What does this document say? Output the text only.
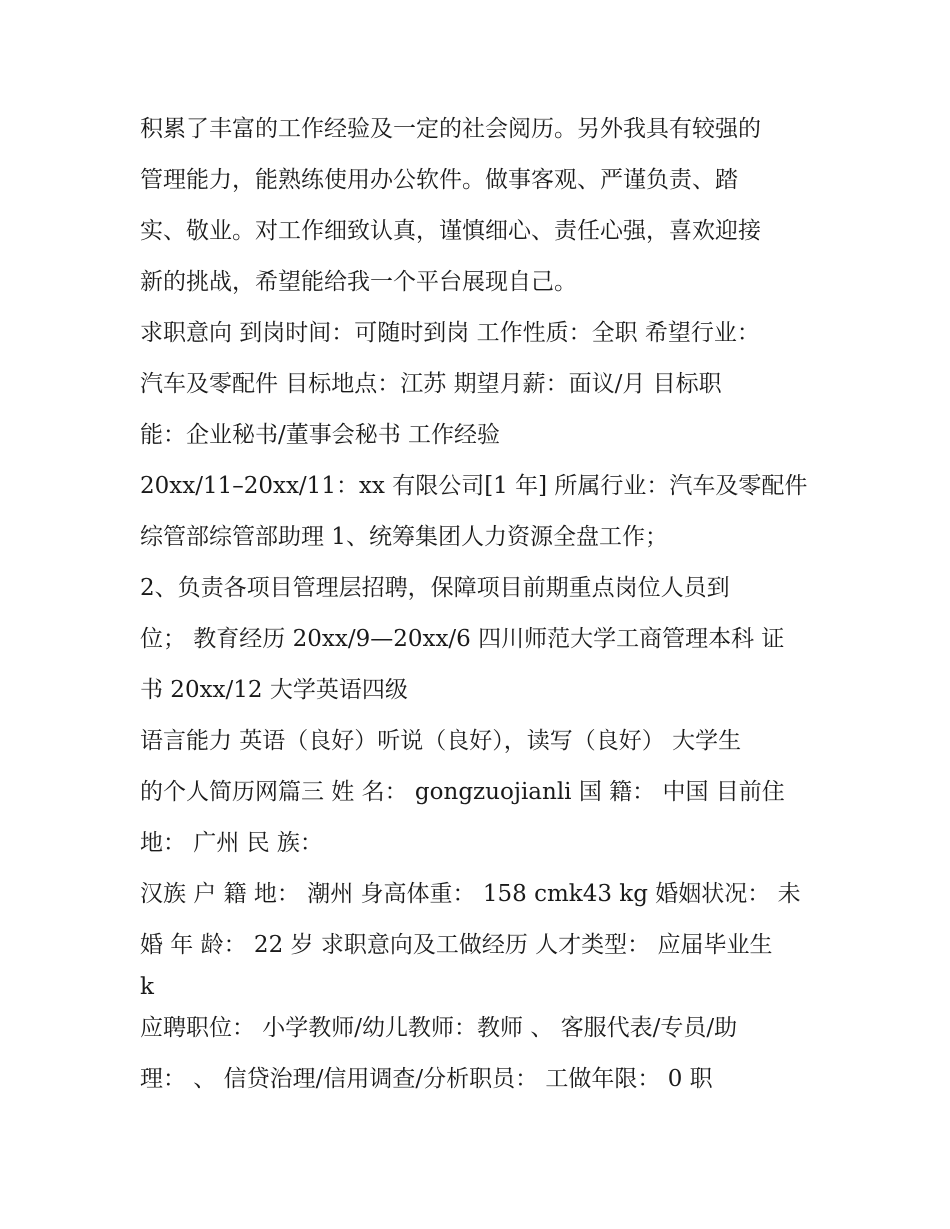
积累了丰富的工作经验及一定的社会阅历。另外我具有较强的
管理能力，能熟练使用办公软件。做事客观、严谨负责、踏
实、敬业。对工作细致认真，谨慎细心、责任心强，喜欢迎接
新的挑战，希望能给我一个平台展现自己。
求职意向 到岗时间：可随时到岗 工作性质：全职 希望行业：
汽车及零配件 目标地点：江苏 期望月薪：面议/月 目标职
能：企业秘书/董事会秘书 工作经验
20xx/11–20xx/11：xx 有限公司[1 年] 所属行业：汽车及零配件
综管部综管部助理 1、统筹集团人力资源全盘工作；
2、负责各项目管理层招聘，保障项目前期重点岗位人员到
位； 教育经历 20xx/9—20xx/6 四川师范大学工商管理本科 证
书 20xx/12 大学英语四级
语言能力 英语（良好）听说（良好），读写（良好） 大学生
的个人简历网篇三 姓 名： gongzuojianli 国 籍： 中国 目前住
地： 广州 民 族：
汉族 户 籍 地： 潮州 身高体重： 158 cmk43 kg 婚姻状况： 未
婚 年 龄： 22 岁 求职意向及工做经历 人才类型： 应届毕业生
k
应聘职位： 小学教师/幼儿教师：教师 、 客服代表/专员/助
理： 、 信贷治理/信用调查/分析职员： 工做年限： 0 职
